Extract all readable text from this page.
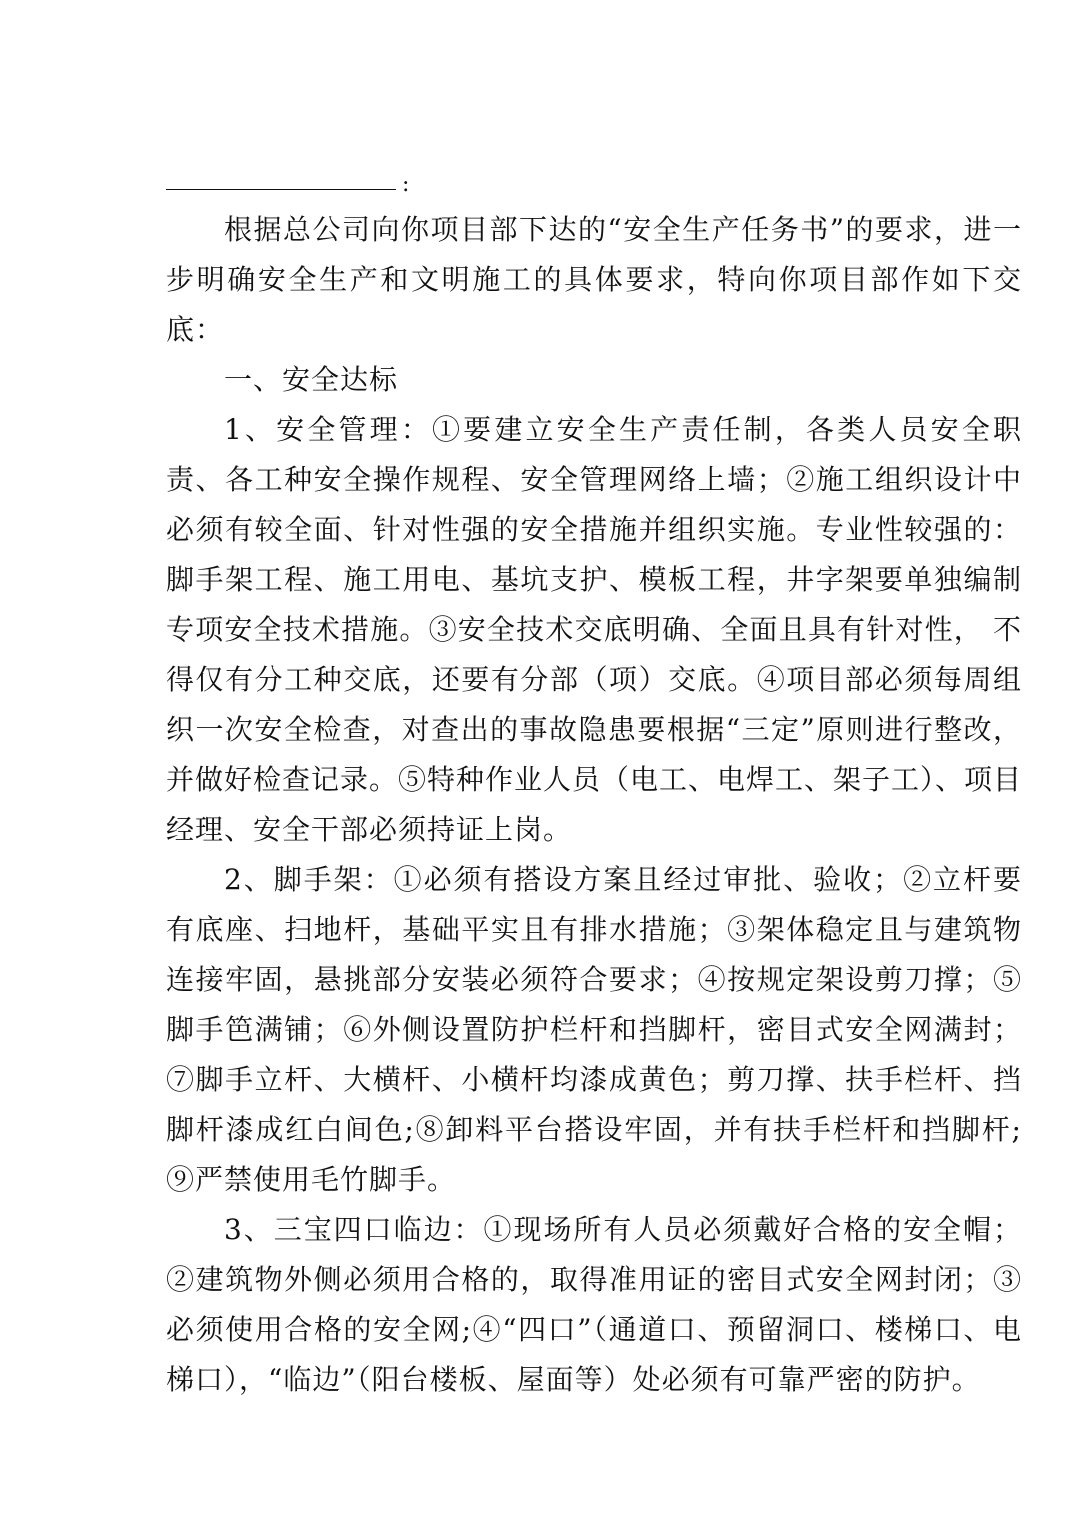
:

根据总公司向你项目部下达的“安全生产任务书”的要求，进一步明确安全生产和文明施工的具体要求，特向你项目部作如下交底：

一、安全达标

1、安全管理：①要建立安全生产责任制，各类人员安全职责、各工种安全操作规程、安全管理网络上墙；②施工组织设计中必须有较全面、针对性强的安全措施并组织实施。专业性较强的：脚手架工程、施工用电、基坑支护、模板工程，井字架要单独编制专项安全技术措施。③安全技术交底明确、全面且具有针对性， 不得仅有分工种交底，还要有分部（项）交底。④项目部必须每周组织一次安全检查，对查出的事故隐患要根据“三定”原则进行整改，并做好检查记录。⑤特种作业人员（电工、电焊工、架子工）、项目经理、安全干部必须持证上岗。

2、脚手架：①必须有搭设方案且经过审批、验收；②立杆要有底座、扫地杆，基础平实且有排水措施；③架体稳定且与建筑物连接牢固，悬挑部分安装必须符合要求；④按规定架设剪刀撑；⑤脚手笆满铺；⑥外侧设置防护栏杆和挡脚杆，密目式安全网满封；⑦脚手立杆、大横杆、小横杆均漆成黄色；剪刀撑、扶手栏杆、挡脚杆漆成红白间色;⑧卸料平台搭设牢固，并有扶手栏杆和挡脚杆;⑨严禁使用毛竹脚手。

3、三宝四口临边：①现场所有人员必须戴好合格的安全帽；②建筑物外侧必须用合格的，取得准用证的密目式安全网封闭；③必须使用合格的安全网;④“四口”（通道口、预留洞口、楼梯口、电梯口），“临边”（阳台楼板、屋面等）处必须有可靠严密的防护。
